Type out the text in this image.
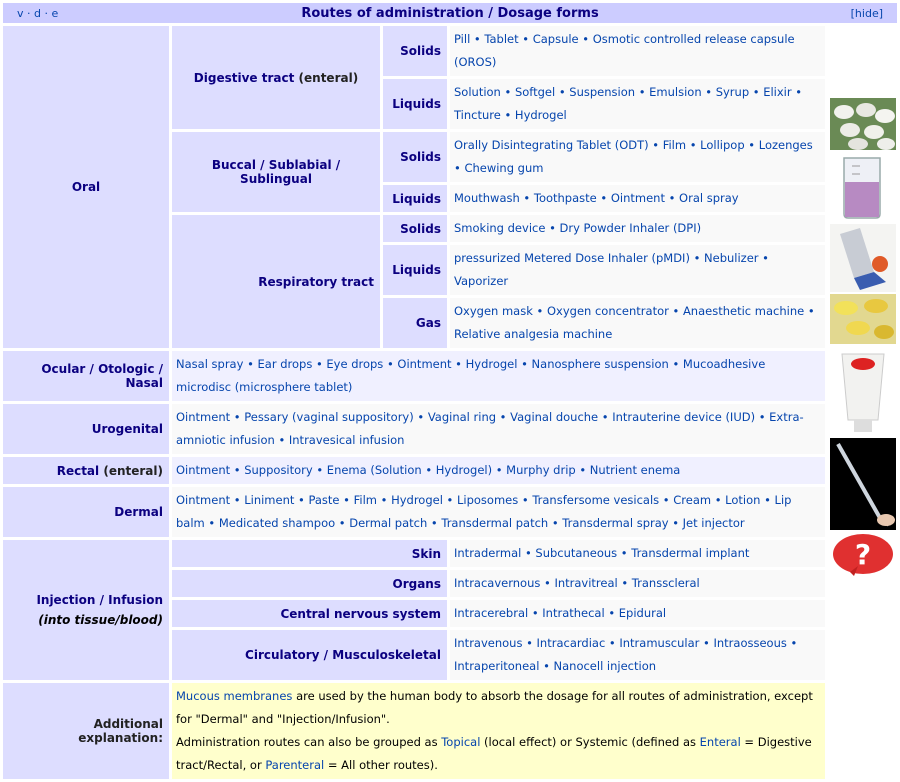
v · d · e Routes of administration / Dosage forms [hide]				

Oral	Digestive tract (enteral)	Solids	Pill • Tablet • Capsule • Osmotic controlled release capsule (OROS)	?

		Liquids	Solution • Softgel • Suspension • Emulsion • Syrup • Elixir • Tincture • Hydrogel	
	Buccal / Sublabial / Sublingual	Solids	Orally Disintegrating Tablet (ODT) • Film • Lollipop • Lozenges • Chewing gum	
		Liquids	Mouthwash • Toothpaste • Ointment • Oral spray	
	Respiratory tract	Solids	Smoking device • Dry Powder Inhaler (DPI)	
		Liquids	pressurized Metered Dose Inhaler (pMDI) • Nebulizer • Vaporizer	
		Gas	Oxygen mask • Oxygen concentrator • Anaesthetic machine • Relative analgesia machine	
Ocular / Otologic / Nasal	Nasal spray • Ear drops • Eye drops • Ointment • Hydrogel • Nanosphere suspension • Mucoadhesive microdisc (microsphere tablet)			
Urogenital	Ointment • Pessary (vaginal suppository) • Vaginal ring • Vaginal douche • Intrauterine device (IUD) • Extra-amniotic infusion • Intravesical infusion			
Rectal (enteral)	Ointment • Suppository • Enema (Solution • Hydrogel) • Murphy drip • Nutrient enema			
Dermal	Ointment • Liniment • Paste • Film • Hydrogel • Liposomes • Transfersome vesicals • Cream • Lotion • Lip balm • Medicated shampoo • Dermal patch • Transdermal patch • Transdermal spray • Jet injector			

Injection / Infusion
(into tissue/blood)	Skin		Intradermal • Subcutaneous • Transdermal implant	
	Organs		Intracavernous • Intravitreal • Transscleral	
	Central nervous system		Intracerebral • Intrathecal • Epidural	
	Circulatory / Musculoskeletal		Intravenous • Intracardiac • Intramuscular • Intraosseous • Intraperitoneal • Nanocell injection	
Additional explanation:	Mucous membranes are used by the human body to absorb the dosage for all routes of administration, except for "Dermal" and "Injection/Infusion".
Administration routes can also be grouped as Topical (local effect) or Systemic (defined as Enteral = Digestive tract/Rectal, or Parenteral = All other routes).			
